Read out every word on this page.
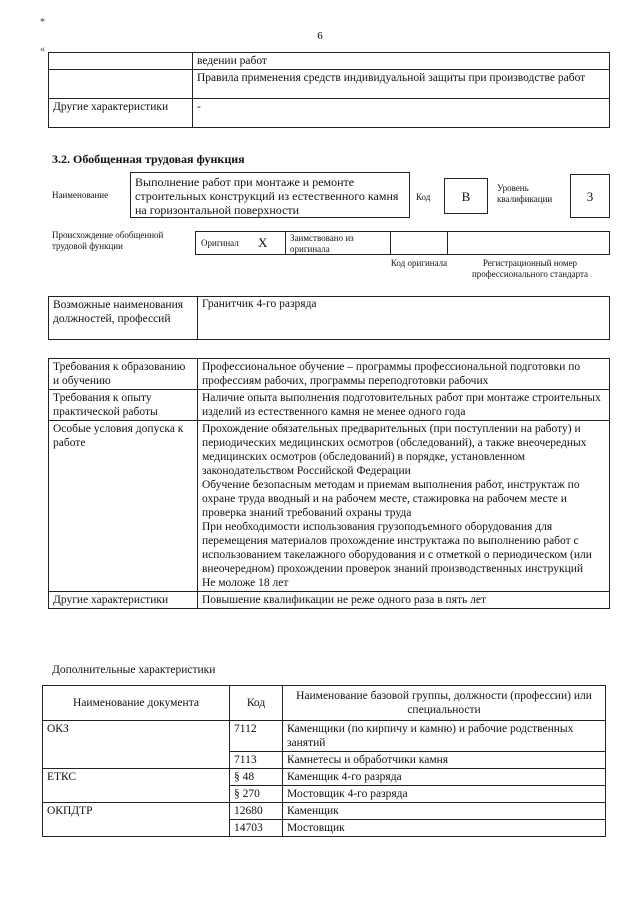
6
*
«
	ведении работ
	Правила применения средств индивидуальной защиты при производстве работ
Другие характеристики	-
3.2. Обобщенная трудовая функция
Наименование
Выполнение работ при монтаже и ремонте строительных конструкций из естественного камня на горизонтальной поверхности
Код	B
Уровень квалификации	3
Происхождение обобщенной трудовой функции	Оригинал X	Заимствовано из оригинала
Код оригинала	Регистрационный номер профессионального стандарта
Возможные наименования должностей, профессий	Гранитчик 4-го разряда
Требования к образованию и обучению	Профессиональное обучение – программы профессиональной подготовки по профессиям рабочих, программы переподготовки рабочих
Требования к опыту практической работы	Наличие опыта выполнения подготовительных работ при монтаже строительных изделий из естественного камня не менее одного года
Особые условия допуска к работе	Прохождение обязательных предварительных (при поступлении на работу) и периодических медицинских осмотров (обследований), а также внеочередных медицинских осмотров (обследований) в порядке, установленном законодательством Российской Федерации
Обучение безопасным методам и приемам выполнения работ, инструктаж по охране труда вводный и на рабочем месте, стажировка на рабочем месте и проверка знаний требований охраны труда
При необходимости использования грузоподъемного оборудования для перемещения материалов прохождение инструктажа по выполнению работ с использованием такелажного оборудования и с отметкой о периодическом (или внеочередном) прохождении проверок знаний производственных инструкций
Не моложе 18 лет

Другие характеристики	Повышение квалификации не реже одного раза в пять лет
Дополнительные характеристики
Наименование документа	Код	Наименование базовой группы, должности (профессии) или специальности
ОКЗ	7112	Каменщики (по кирпичу и камню) и рабочие родственных занятий
	7113	Камнетесы и обработчики камня
ЕТКС	§ 48	Каменщик 4-го разряда
	§ 270	Мостовщик 4-го разряда
ОКПДТР	12680	Каменщик
	14703	Мостовщик
